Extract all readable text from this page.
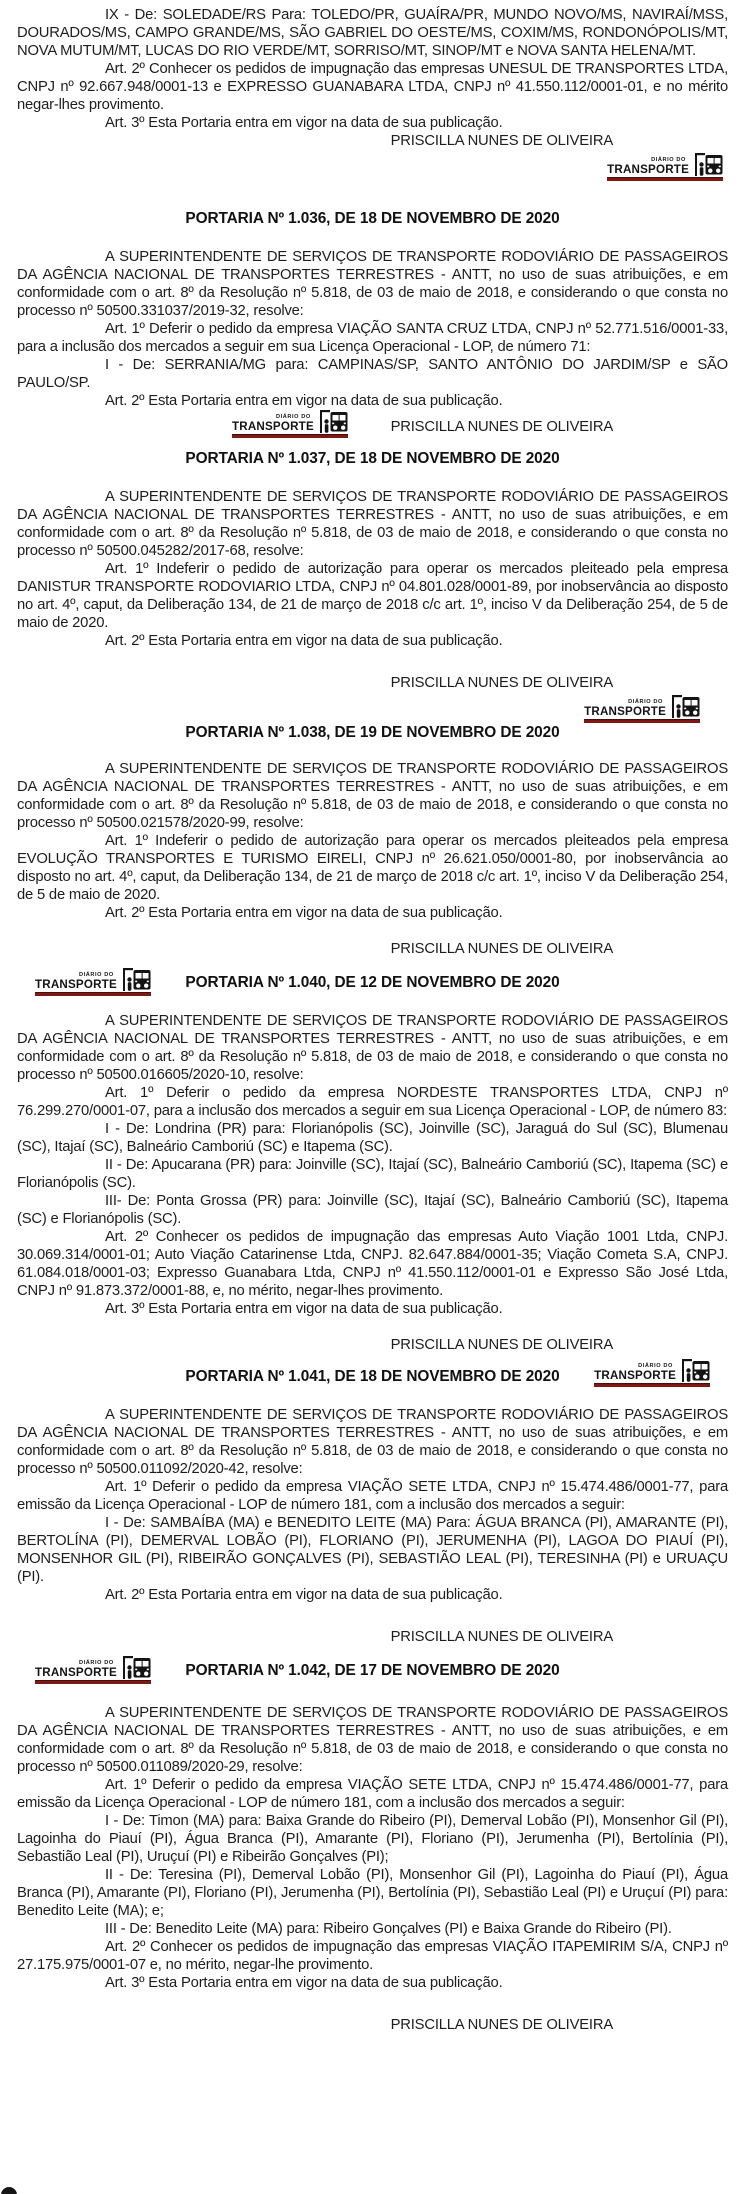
IX - De: SOLEDADE/RS Para: TOLEDO/PR, GUAÍRA/PR, MUNDO NOVO/MS, NAVIRAÍ/MSS, DOURADOS/MS, CAMPO GRANDE/MS, SÃO GABRIEL DO OESTE/MS, COXIM/MS, RONDONÓPOLIS/MT, NOVA MUTUM/MT, LUCAS DO RIO VERDE/MT, SORRISO/MT, SINOP/MT e NOVA SANTA HELENA/MT.

Art. 2º Conhecer os pedidos de impugnação das empresas UNESUL DE TRANSPORTES LTDA, CNPJ nº 92.667.948/0001-13 e EXPRESSO GUANABARA LTDA, CNPJ nº 41.550.112/0001-01, e no mérito negar-lhes provimento.

Art. 3º Esta Portaria entra em vigor na data de sua publicação.

PRISCILLA NUNES DE OLIVEIRA
DIÁRIO DO
TRANSPORTE
PORTARIA Nº 1.036, DE 18 DE NOVEMBRO DE 2020

A SUPERINTENDENTE DE SERVIÇOS DE TRANSPORTE RODOVIÁRIO DE PASSAGEIROS DA AGÊNCIA NACIONAL DE TRANSPORTES TERRESTRES - ANTT, no uso de suas atribuições, e em conformidade com o art. 8º da Resolução nº 5.818, de 03 de maio de 2018, e considerando o que consta no processo nº 50500.331037/2019-32, resolve:

Art. 1º Deferir o pedido da empresa VIAÇÃO SANTA CRUZ LTDA, CNPJ nº 52.771.516/0001-33, para a inclusão dos mercados a seguir em sua Licença Operacional - LOP, de número 71:

I - De: SERRANIA/MG para: CAMPINAS/SP, SANTO ANTÔNIO DO JARDIM/SP e SÃO PAULO/SP.

Art. 2º Esta Portaria entra em vigor na data de sua publicação.

DIÁRIO DO
TRANSPORTE	PRISCILLA NUNES DE OLIVEIRA
PORTARIA Nº 1.037, DE 18 DE NOVEMBRO DE 2020

A SUPERINTENDENTE DE SERVIÇOS DE TRANSPORTE RODOVIÁRIO DE PASSAGEIROS DA AGÊNCIA NACIONAL DE TRANSPORTES TERRESTRES - ANTT, no uso de suas atribuições, e em conformidade com o art. 8º da Resolução nº 5.818, de 03 de maio de 2018, e considerando o que consta no processo nº 50500.045282/2017-68, resolve:

Art. 1º Indeferir o pedido de autorização para operar os mercados pleiteado pela empresa DANISTUR TRANSPORTE RODOVIARIO LTDA, CNPJ nº 04.801.028/0001-89, por inobservância ao disposto no art. 4º, caput, da Deliberação 134, de 21 de março de 2018 c/c art. 1º, inciso V da Deliberação 254, de 5 de maio de 2020.

Art. 2º Esta Portaria entra em vigor na data de sua publicação.

PRISCILLA NUNES DE OLIVEIRA
DIÁRIO DO
TRANSPORTE
PORTARIA Nº 1.038, DE 19 DE NOVEMBRO DE 2020

A SUPERINTENDENTE DE SERVIÇOS DE TRANSPORTE RODOVIÁRIO DE PASSAGEIROS DA AGÊNCIA NACIONAL DE TRANSPORTES TERRESTRES - ANTT, no uso de suas atribuições, e em conformidade com o art. 8º da Resolução nº 5.818, de 03 de maio de 2018, e considerando o que consta no processo nº 50500.021578/2020-99, resolve:

Art. 1º Indeferir o pedido de autorização para operar os mercados pleiteados pela empresa EVOLUÇÃO TRANSPORTES E TURISMO EIRELI, CNPJ nº 26.621.050/0001-80, por inobservância ao disposto no art. 4º, caput, da Deliberação 134, de 21 de março de 2018 c/c art. 1º, inciso V da Deliberação 254, de 5 de maio de 2020.

Art. 2º Esta Portaria entra em vigor na data de sua publicação.

PRISCILLA NUNES DE OLIVEIRA
DIÁRIO DO
TRANSPORTE	PORTARIA Nº 1.040, DE 12 DE NOVEMBRO DE 2020

A SUPERINTENDENTE DE SERVIÇOS DE TRANSPORTE RODOVIÁRIO DE PASSAGEIROS DA AGÊNCIA NACIONAL DE TRANSPORTES TERRESTRES - ANTT, no uso de suas atribuições, e em conformidade com o art. 8º da Resolução nº 5.818, de 03 de maio de 2018, e considerando o que consta no processo nº 50500.016605/2020-10, resolve:

Art. 1º Deferir o pedido da empresa NORDESTE TRANSPORTES LTDA, CNPJ nº 76.299.270/0001-07, para a inclusão dos mercados a seguir em sua Licença Operacional - LOP, de número 83:

I - De: Londrina (PR) para: Florianópolis (SC), Joinville (SC), Jaraguá do Sul (SC), Blumenau (SC), Itajaí (SC), Balneário Camboriú (SC) e Itapema (SC).

II - De: Apucarana (PR) para: Joinville (SC), Itajaí (SC), Balneário Camboriú (SC), Itapema (SC) e Florianópolis (SC).

III- De: Ponta Grossa (PR) para: Joinville (SC), Itajaí (SC), Balneário Camboriú (SC), Itapema (SC) e Florianópolis (SC).

Art. 2º Conhecer os pedidos de impugnação das empresas Auto Viação 1001 Ltda, CNPJ. 30.069.314/0001-01; Auto Viação Catarinense Ltda, CNPJ. 82.647.884/0001-35; Viação Cometa S.A, CNPJ. 61.084.018/0001-03; Expresso Guanabara Ltda, CNPJ nº 41.550.112/0001-01 e Expresso São José Ltda, CNPJ nº 91.873.372/0001-88, e, no mérito, negar-lhes provimento.

Art. 3º Esta Portaria entra em vigor na data de sua publicação.

PRISCILLA NUNES DE OLIVEIRA
PORTARIA Nº 1.041, DE 18 DE NOVEMBRO DE 2020
DIÁRIO DO
TRANSPORTE

A SUPERINTENDENTE DE SERVIÇOS DE TRANSPORTE RODOVIÁRIO DE PASSAGEIROS DA AGÊNCIA NACIONAL DE TRANSPORTES TERRESTRES - ANTT, no uso de suas atribuições, e em conformidade com o art. 8º da Resolução nº 5.818, de 03 de maio de 2018, e considerando o que consta no processo nº 50500.011092/2020-42, resolve:

Art. 1º Deferir o pedido da empresa VIAÇÃO SETE LTDA, CNPJ nº 15.474.486/0001-77, para emissão da Licença Operacional - LOP de número 181, com a inclusão dos mercados a seguir:

I - De: SAMBAÍBA (MA) e BENEDITO LEITE (MA) Para: ÁGUA BRANCA (PI), AMARANTE (PI), BERTOLÍNA (PI), DEMERVAL LOBÃO (PI), FLORIANO (PI), JERUMENHA (PI), LAGOA DO PIAUÍ (PI), MONSENHOR GIL (PI), RIBEIRÃO GONÇALVES (PI), SEBASTIÃO LEAL (PI), TERESINHA (PI) e URUAÇU (PI).

Art. 2º Esta Portaria entra em vigor na data de sua publicação.

PRISCILLA NUNES DE OLIVEIRA
DIÁRIO DO
TRANSPORTE	PORTARIA Nº 1.042, DE 17 DE NOVEMBRO DE 2020

A SUPERINTENDENTE DE SERVIÇOS DE TRANSPORTE RODOVIÁRIO DE PASSAGEIROS DA AGÊNCIA NACIONAL DE TRANSPORTES TERRESTRES - ANTT, no uso de suas atribuições, e em conformidade com o art. 8º da Resolução nº 5.818, de 03 de maio de 2018, e considerando o que consta no processo nº 50500.011089/2020-29, resolve:

Art. 1º Deferir o pedido da empresa VIAÇÃO SETE LTDA, CNPJ nº 15.474.486/0001-77, para emissão da Licença Operacional - LOP de número 181, com a inclusão dos mercados a seguir:

I - De: Timon (MA) para: Baixa Grande do Ribeiro (PI), Demerval Lobão (PI), Monsenhor Gil (PI), Lagoinha do Piauí (PI), Água Branca (PI), Amarante (PI), Floriano (PI), Jerumenha (PI), Bertolínia (PI), Sebastião Leal (PI), Uruçuí (PI) e Ribeirão Gonçalves (PI);

II - De: Teresina (PI), Demerval Lobão (PI), Monsenhor Gil (PI), Lagoinha do Piauí (PI), Água Branca (PI), Amarante (PI), Floriano (PI), Jerumenha (PI), Bertolínia (PI), Sebastião Leal (PI) e Uruçuí (PI) para: Benedito Leite (MA); e;

III - De: Benedito Leite (MA) para: Ribeiro Gonçalves (PI) e Baixa Grande do Ribeiro (PI).

Art. 2º Conhecer os pedidos de impugnação das empresas VIAÇÃO ITAPEMIRIM S/A, CNPJ nº 27.175.975/0001-07 e, no mérito, negar-lhe provimento.

Art. 3º Esta Portaria entra em vigor na data de sua publicação.

PRISCILLA NUNES DE OLIVEIRA
